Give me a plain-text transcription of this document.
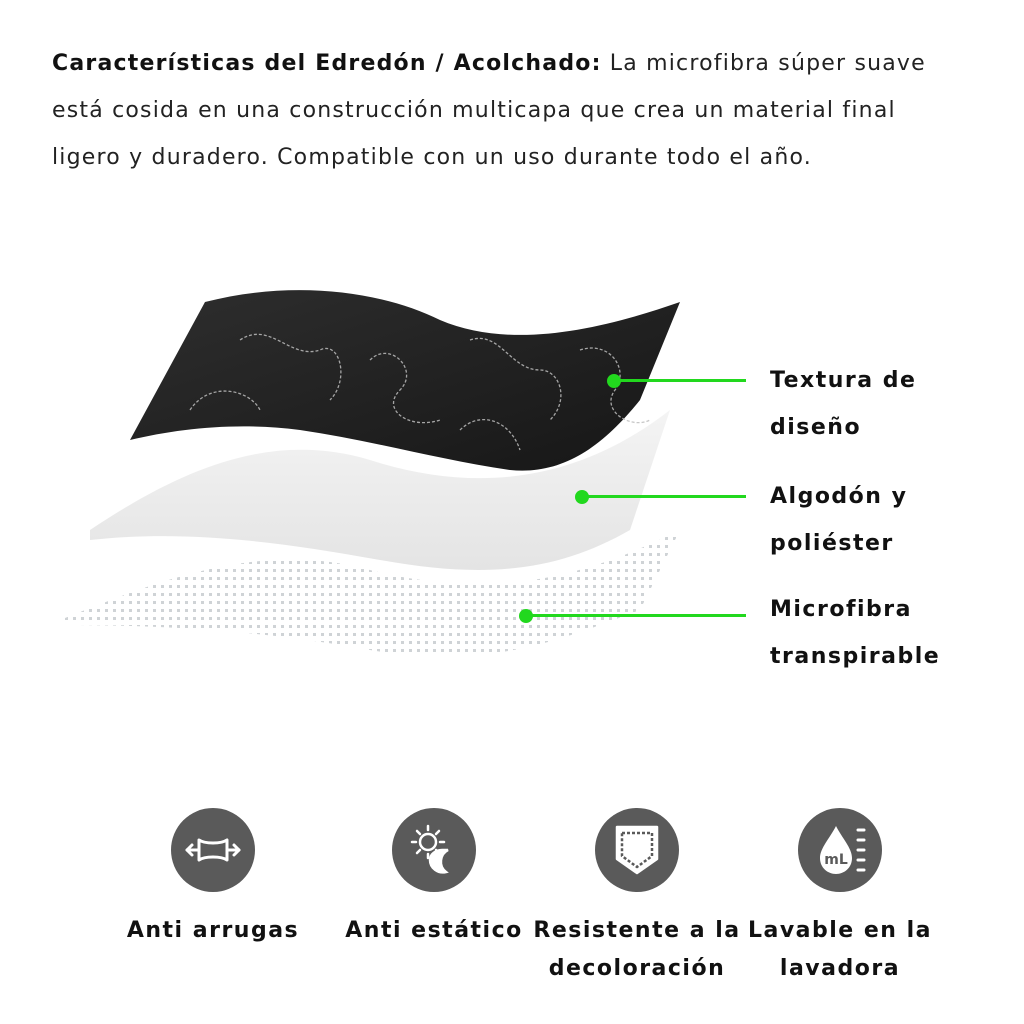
Características del Edredón / Acolchado: La microfibra súper suave está cosida en una construcción multicapa que crea un material final ligero y duradero. Compatible con un uso durante todo el año.
Textura de
diseño
Algodón y
poliéster
Microfibra
transpirable
Anti arrugas	Anti estático Resistente a la
decoloración
mL
Lavable en la
lavadora
